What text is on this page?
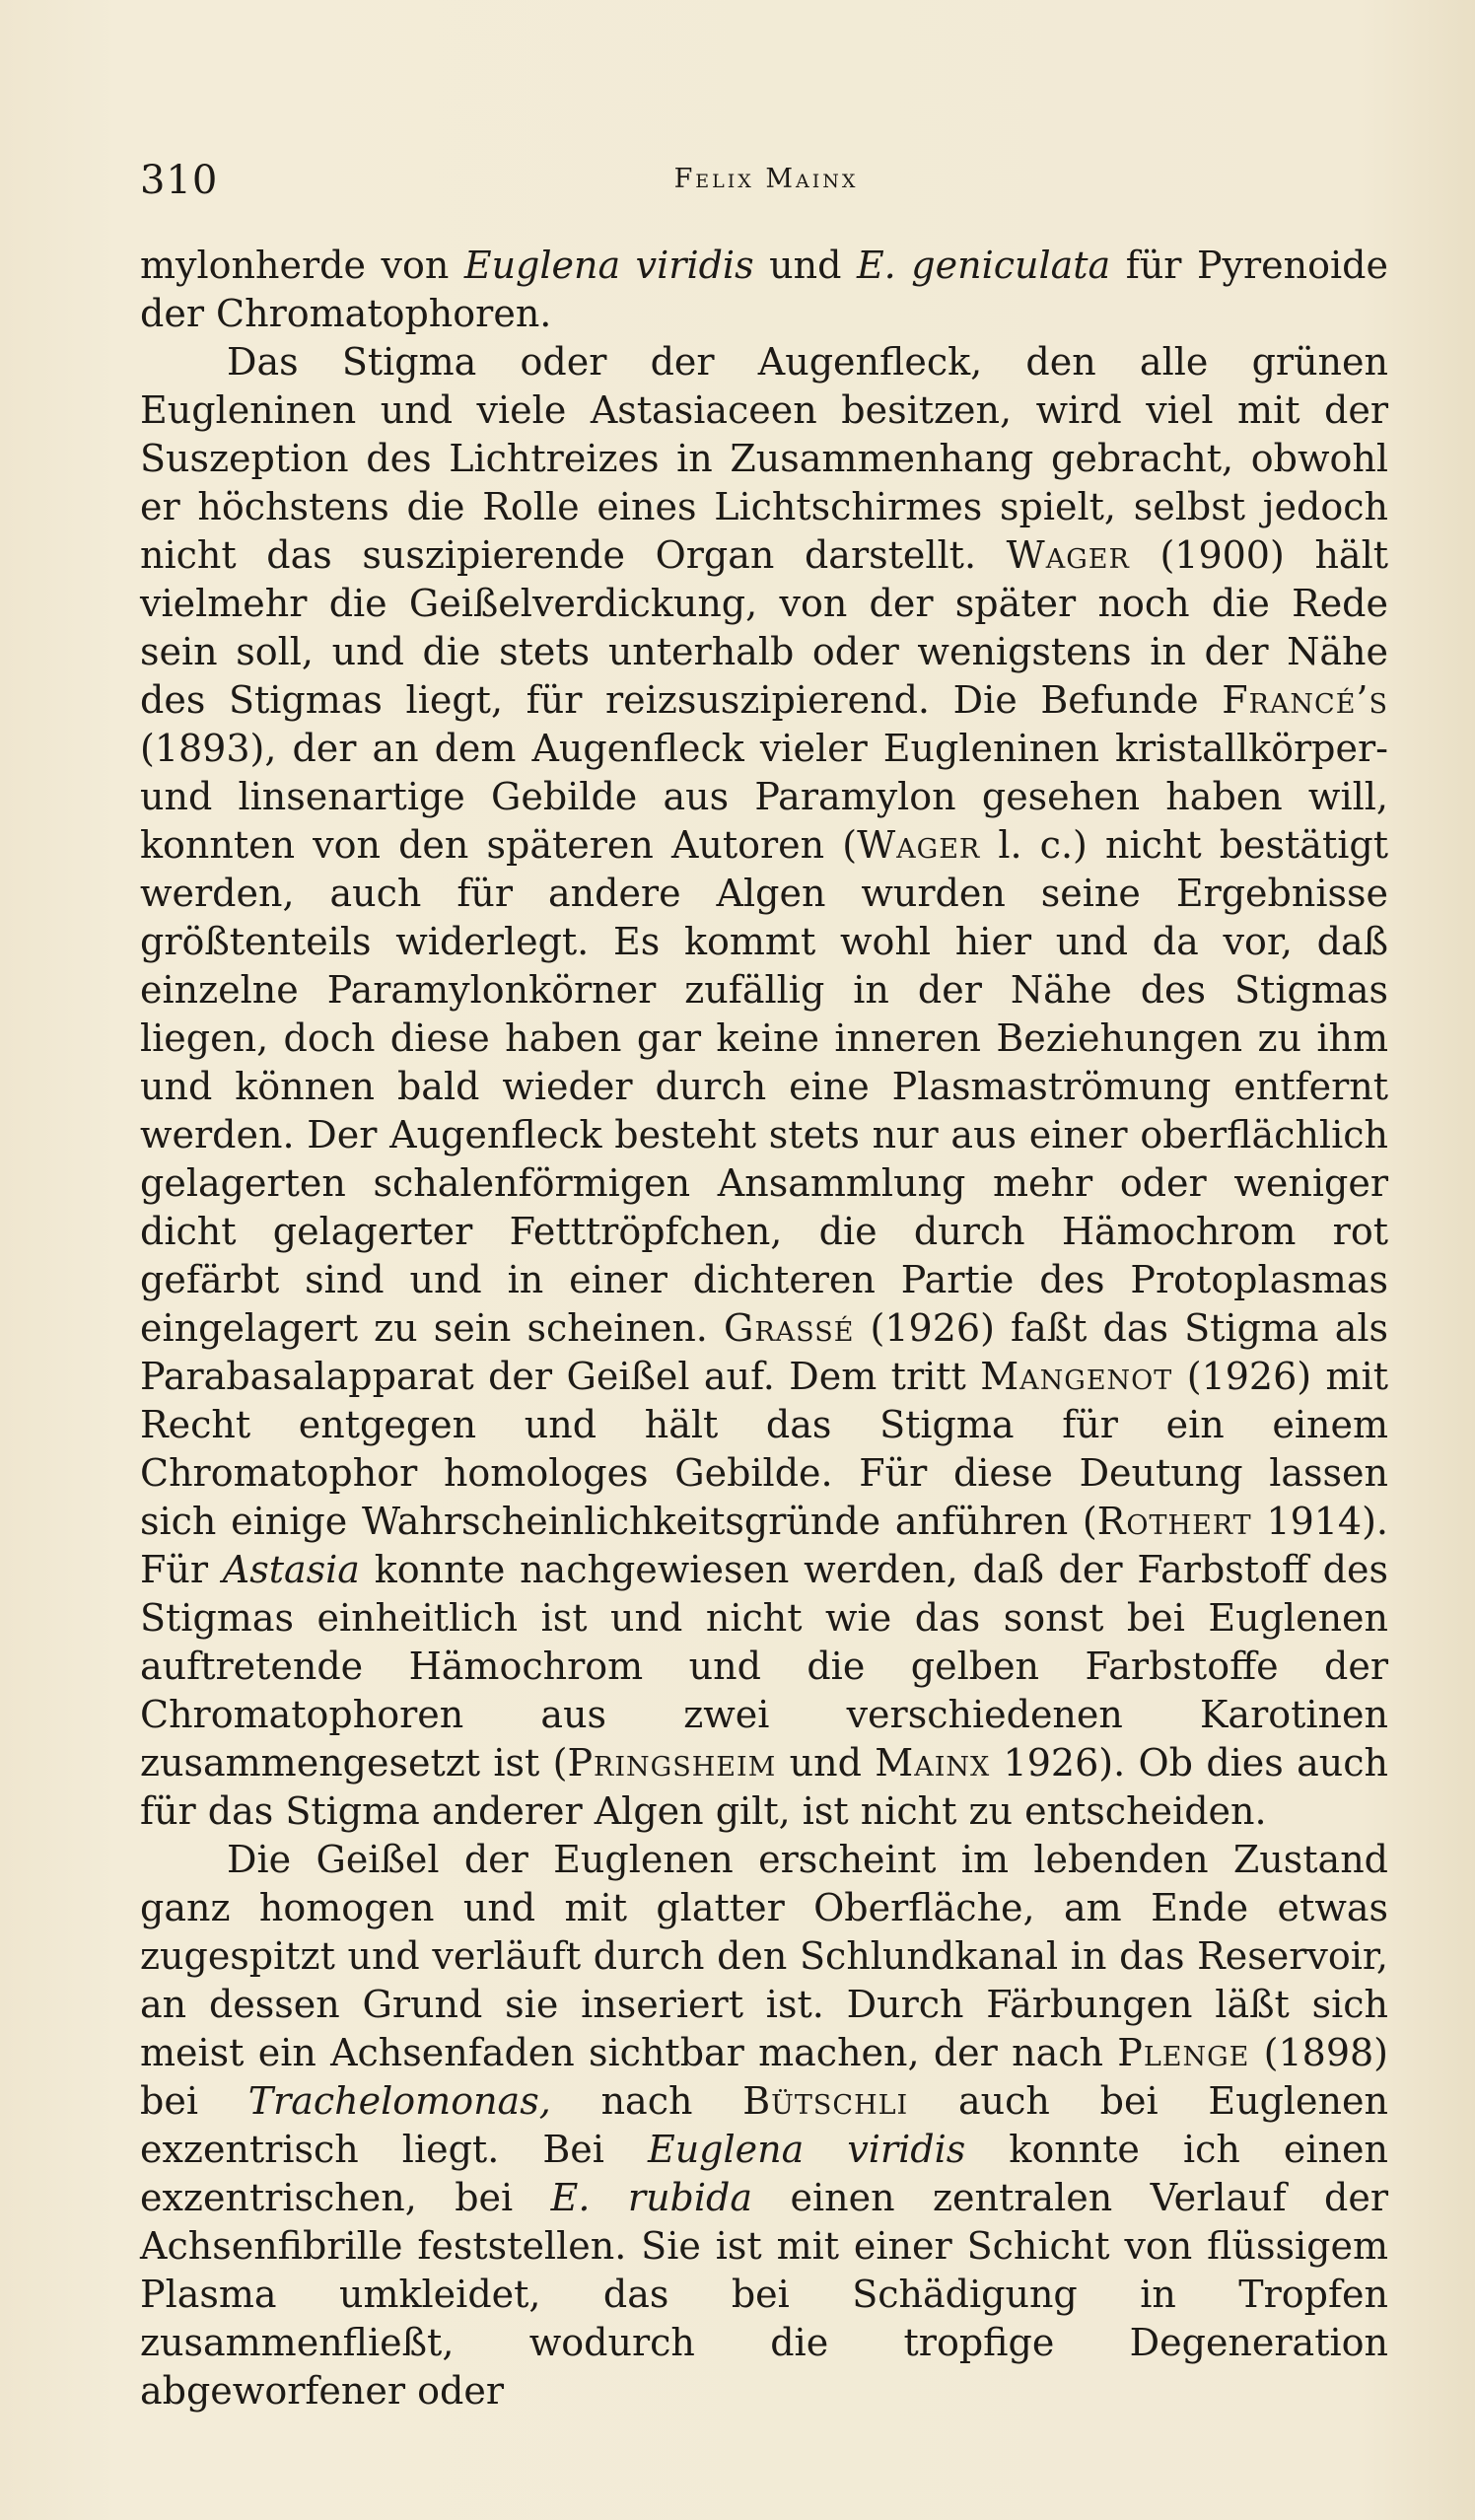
310	Felix Mainx

mylonherde von Euglena viridis und E. geniculata für Pyrenoide der Chromatophoren.

Das Stigma oder der Augenfleck, den alle grünen Eugleninen und viele Astasiaceen besitzen, wird viel mit der Suszeption des Lichtreizes in Zusammenhang gebracht, obwohl er höchstens die Rolle eines Lichtschirmes spielt, selbst jedoch nicht das suszipierende Organ darstellt. Wager (1900) hält vielmehr die Geißelverdickung, von der später noch die Rede sein soll, und die stets unterhalb oder wenigstens in der Nähe des Stigmas liegt, für reizsuszipierend. Die Befunde Francé’s (1893), der an dem Augenfleck vieler Eugleninen kristallkörper- und linsenartige Gebilde aus Paramylon gesehen haben will, konnten von den späteren Autoren (Wager l. c.) nicht bestätigt werden, auch für andere Algen wurden seine Ergebnisse größtenteils widerlegt. Es kommt wohl hier und da vor, daß einzelne Paramylonkörner zufällig in der Nähe des Stigmas liegen, doch diese haben gar keine inneren Beziehungen zu ihm und können bald wieder durch eine Plasmaströmung entfernt werden. Der Augenfleck besteht stets nur aus einer oberflächlich gelagerten schalenförmigen Ansammlung mehr oder weniger dicht gelagerter Fetttröpfchen, die durch Hämochrom rot gefärbt sind und in einer dichteren Partie des Protoplasmas eingelagert zu sein scheinen. Grassé (1926) faßt das Stigma als Parabasalapparat der Geißel auf. Dem tritt Mangenot (1926) mit Recht entgegen und hält das Stigma für ein einem Chromatophor homologes Gebilde. Für diese Deutung lassen sich einige Wahrscheinlichkeitsgründe anführen (Rothert 1914). Für Astasia konnte nachgewiesen werden, daß der Farbstoff des Stigmas einheitlich ist und nicht wie das sonst bei Euglenen auftretende Hämochrom und die gelben Farbstoffe der Chromatophoren aus zwei verschiedenen Karotinen zusammengesetzt ist (Pringsheim und Mainx 1926). Ob dies auch für das Stigma anderer Algen gilt, ist nicht zu entscheiden.

Die Geißel der Euglenen erscheint im lebenden Zustand ganz homogen und mit glatter Oberfläche, am Ende etwas zugespitzt und verläuft durch den Schlundkanal in das Reservoir, an dessen Grund sie inseriert ist. Durch Färbungen läßt sich meist ein Achsenfaden sichtbar machen, der nach Plenge (1898) bei Trachelomonas, nach Bütschli auch bei Euglenen exzentrisch liegt. Bei Euglena viridis konnte ich einen exzentrischen, bei E. rubida einen zentralen Verlauf der Achsenfibrille feststellen. Sie ist mit einer Schicht von flüssigem Plasma umkleidet, das bei Schädigung in Tropfen zusammenfließt, wodurch die tropfige Degeneration abgeworfener oder
